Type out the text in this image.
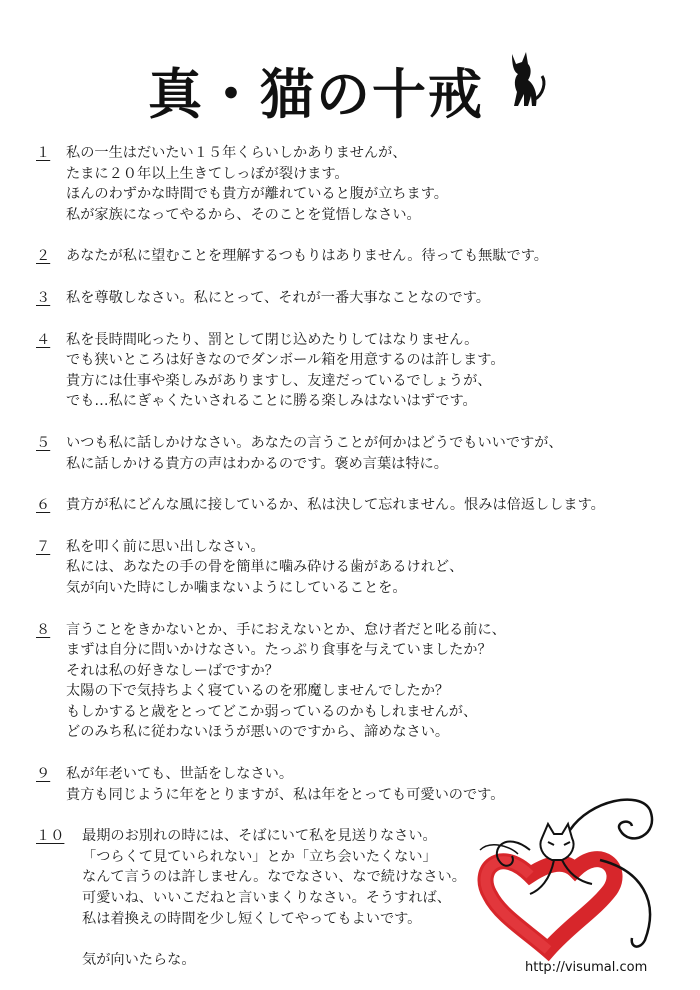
真・猫の十戒
１ 私の一生はだいたい１５年くらいしかありませんが、
たまに２０年以上生きてしっぽが裂けます。
ほんのわずかな時間でも貴方が離れていると腹が立ちます。
私が家族になってやるから、そのことを覚悟しなさい。
２ あなたが私に望むことを理解するつもりはありません。待っても無駄です。
３ 私を尊敬しなさい。私にとって、それが一番大事なことなのです。
４ 私を長時間叱ったり、罰として閉じ込めたりしてはなりません。
でも狭いところは好きなのでダンボール箱を用意するのは許します。
貴方には仕事や楽しみがありますし、友達だっているでしょうが、
でも…私にぎゃくたいされることに勝る楽しみはないはずです。
５ いつも私に話しかけなさい。あなたの言うことが何かはどうでもいいですが、
私に話しかける貴方の声はわかるのです。褒め言葉は特に。
６ 貴方が私にどんな風に接しているか、私は決して忘れません。恨みは倍返しします。
７ 私を叩く前に思い出しなさい。
私には、あなたの手の骨を簡単に噛み砕ける歯があるけれど、
気が向いた時にしか噛まないようにしていることを。
８ 言うことをきかないとか、手におえないとか、怠け者だと叱る前に、
まずは自分に問いかけなさい。たっぷり食事を与えていましたか？
それは私の好きなしーばですか？
太陽の下で気持ちよく寝ているのを邪魔しませんでしたか？
もしかすると歳をとってどこか弱っているのかもしれませんが、
どのみち私に従わないほうが悪いのですから、諦めなさい。
９ 私が年老いても、世話をしなさい。
貴方も同じように年をとりますが、私は年をとっても可愛いのです。
１０ 最期のお別れの時には、そばにいて私を見送りなさい。
「つらくて見ていられない」とか「立ち会いたくない」
なんて言うのは許しません。なでなさい、なで続けなさい。
可愛いね、いいこだねと言いまくりなさい。そうすれば、
私は着換えの時間を少し短くしてやってもよいです。

気が向いたらな。	http://visumal.com
